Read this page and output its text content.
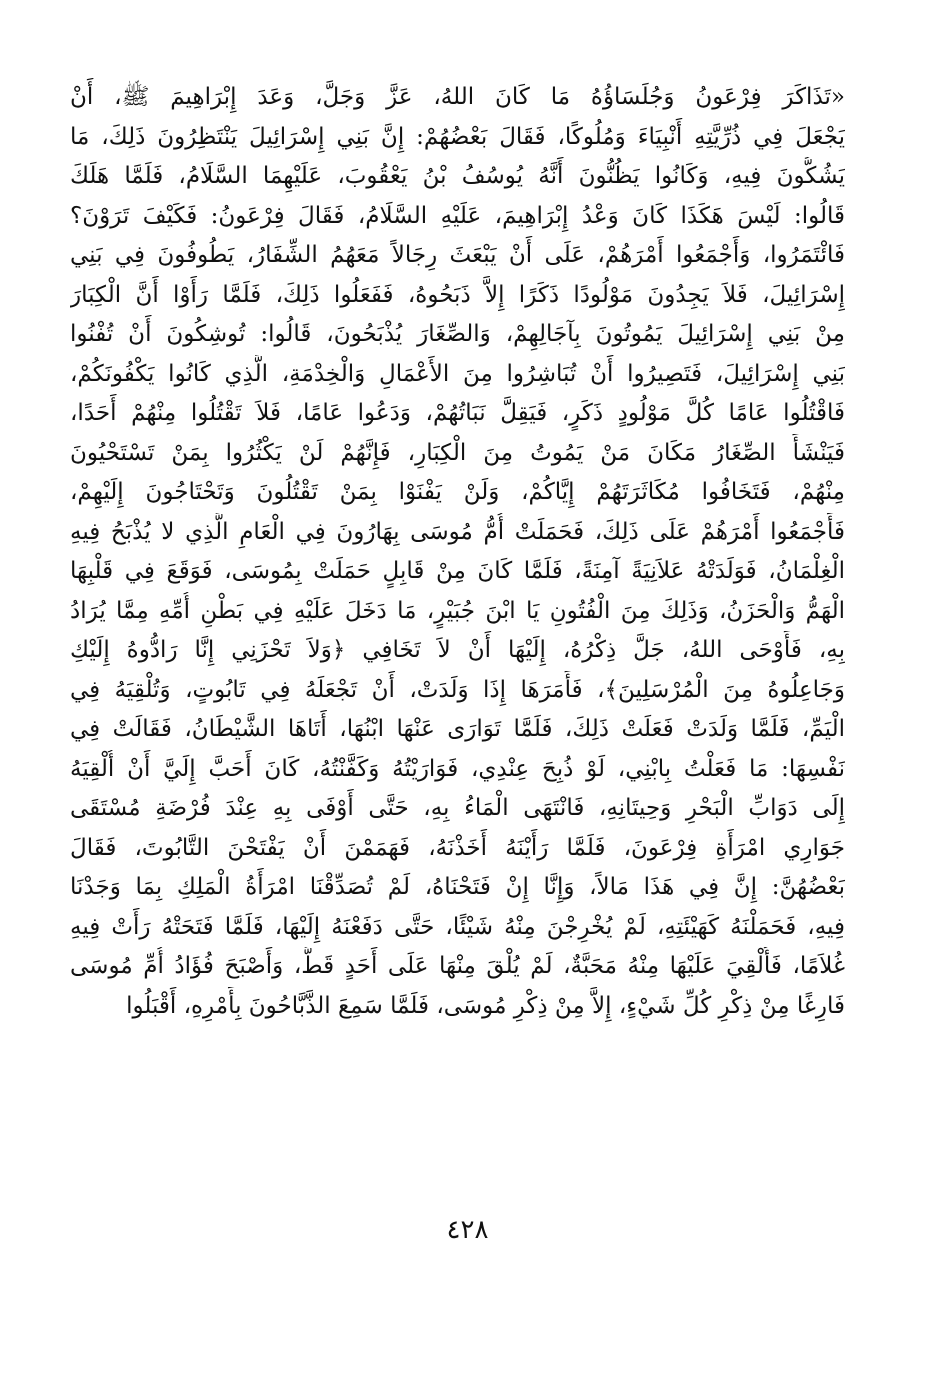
«تَذَاكَرَ فِرْعَونُ وَجُلَسَاؤُهُ مَا كَانَ اللهُ، عَزَّ وَجَلَّ، وَعَدَ إِبْرَاهِيمَ ﷺ، أَنْ
يَجْعَلَ فِي ذُرِّيَّتِهِ أَنْبِيَاءَ وَمُلُوكًا، فَقَالَ بَعْضُهُمْ: إِنَّ بَنِي إِسْرَائِيلَ يَنْتَظِرُونَ ذَلِكَ، مَا
يَشُكُّونَ فِيهِ، وَكَانُوا يَظُنُّونَ أَنَّهُ يُوسُفُ بْنُ يَعْقُوبَ، عَلَيْهِمَا السَّلَامُ، فَلَمَّا هَلَكَ
قَالُوا: لَيْسَ هَكَذَا كَانَ وَعْدُ إِبْرَاهِيمَ، عَلَيْهِ السَّلَامُ، فَقَالَ فِرْعَونُ: فَكَيْفَ تَرَوْنَ؟
فَائْتَمَرُوا، وَأَجْمَعُوا أَمْرَهُمْ، عَلَى أَنْ يَبْعَثَ رِجَالاً مَعَهُمُ الشِّفَارُ، يَطُوفُونَ فِي بَنِي
إِسْرَائِيلَ، فَلاَ يَجِدُونَ مَوْلُودًا ذَكَرًا إِلاَّ ذَبَحُوهُ، فَفَعَلُوا ذَلِكَ، فَلَمَّا رَأَوْا أَنَّ الْكِبَارَ
مِنْ بَنِي إِسْرَائِيلَ يَمُوتُونَ بِآجَالِهِمْ، وَالصِّغَارَ يُذْبَحُونَ، قَالُوا: تُوشِكُونَ أَنْ تُفْنُوا
بَنِي إِسْرَائِيلَ، فَتَصِيرُوا أَنْ تُبَاشِرُوا مِنَ الأَعْمَالِ وَالْخِدْمَةِ، الَّذِي كَانُوا يَكْفُونَكُمْ،
فَاقْتُلُوا عَامًا كُلَّ مَوْلُودٍ ذَكَرٍ، فَيَقِلَّ نَبَاتُهُمْ، وَدَعُوا عَامًا، فَلاَ تَقْتُلُوا مِنْهُمْ أَحَدًا،
فَيَنْشَأَ الصِّغَارُ مَكَانَ مَنْ يَمُوتُ مِنَ الْكِبَارِ، فَإِنَّهُمْ لَنْ يَكْثُرُوا بِمَنْ تَسْتَحْيُونَ
مِنْهُمْ، فَتَخَافُوا مُكَاثَرَتَهُمْ إِيَّاكُمْ، وَلَنْ يَفْنَوْا بِمَنْ تَقْتُلُونَ وَتَحْتَاجُونَ إِلَيْهِمْ،
فَأَجْمَعُوا أَمْرَهُمْ عَلَى ذَلِكَ، فَحَمَلَتْ أُمُّ مُوسَى بِهَارُونَ فِي الْعَامِ الَّذِي لا يُذْبَحُ فِيهِ
الْغِلْمَانُ، فَوَلَدَتْهُ عَلاَنِيَةً آمِنَةً، فَلَمَّا كَانَ مِنْ قَابِلٍ حَمَلَتْ بِمُوسَى، فَوَقَعَ فِي قَلْبِهَا
الْهَمُّ وَالْحَزَنُ، وَذَلِكَ مِنَ الْفُتُونِ يَا ابْنَ جُبَيْرٍ، مَا دَخَلَ عَلَيْهِ فِي بَطْنِ أُمِّهِ مِمَّا يُرَادُ
بِهِ، فَأَوْحَى اللهُ، جَلَّ ذِكْرُهُ، إِلَيْهَا أَنْ لاَ تَخَافِي ﴿وَلاَ تَحْزَنِي إِنَّا رَادُّوهُ إِلَيْكِ
وَجَاعِلُوهُ مِنَ الْمُرْسَلِينَ﴾، فَأَمَرَهَا إِذَا وَلَدَتْ، أَنْ تَجْعَلَهُ فِي تَابُوتٍ، وَتُلْقِيَهُ فِي
الْيَمِّ، فَلَمَّا وَلَدَتْ فَعَلَتْ ذَلِكَ، فَلَمَّا تَوَارَى عَنْهَا ابْنُهَا، أَتَاهَا الشَّيْطَانُ، فَقَالَتْ فِي
نَفْسِهَا: مَا فَعَلْتُ بِابْنِي، لَوْ ذُبِحَ عِنْدِي، فَوَارَيْتُهُ وَكَفَّنْتُهُ، كَانَ أَحَبَّ إِلَيَّ أَنْ أُلْقِيَهُ
إِلَى دَوَابِّ الْبَحْرِ وَحِيتَانِهِ، فَانْتَهَى الْمَاءُ بِهِ، حَتَّى أَوْفَى بِهِ عِنْدَ فُرْضَةِ مُسْتَقَى
جَوَارِي امْرَأَةِ فِرْعَونَ، فَلَمَّا رَأَيْنَهُ أَخَذْنَهُ، فَهَمَمْنَ أَنْ يَفْتَحْنَ التَّابُوتَ، فَقَالَ
بَعْضُهُنَّ: إِنَّ فِي هَذَا مَالاً، وَإِنَّا إِنْ فَتَحْنَاهُ، لَمْ تُصَدِّقْنَا امْرَأَةُ الْمَلِكِ بِمَا وَجَدْنَا
فِيهِ، فَحَمَلْنَهُ كَهَيْئَتِهِ، لَمْ يُخْرِجْنَ مِنْهُ شَيْئًا، حَتَّى دَفَعْنَهُ إِلَيْهَا، فَلَمَّا فَتَحَتْهُ رَأَتْ فِيهِ
غُلاَمًا، فَأُلْقِيَ عَلَيْهَا مِنْهُ مَحَبَّةٌ، لَمْ يُلْقَ مِنْهَا عَلَى أَحَدٍ قَطُّ، وَأَصْبَحَ فُؤَادُ أُمِّ مُوسَى
فَارِغًا مِنْ ذِكْرِ كُلِّ شَيْءٍ، إِلاَّ مِنْ ذِكْرِ مُوسَى، فَلَمَّا سَمِعَ الذَّبَّاحُونَ بِأَمْرِهِ، أَقْبَلُوا
٤٢٨
